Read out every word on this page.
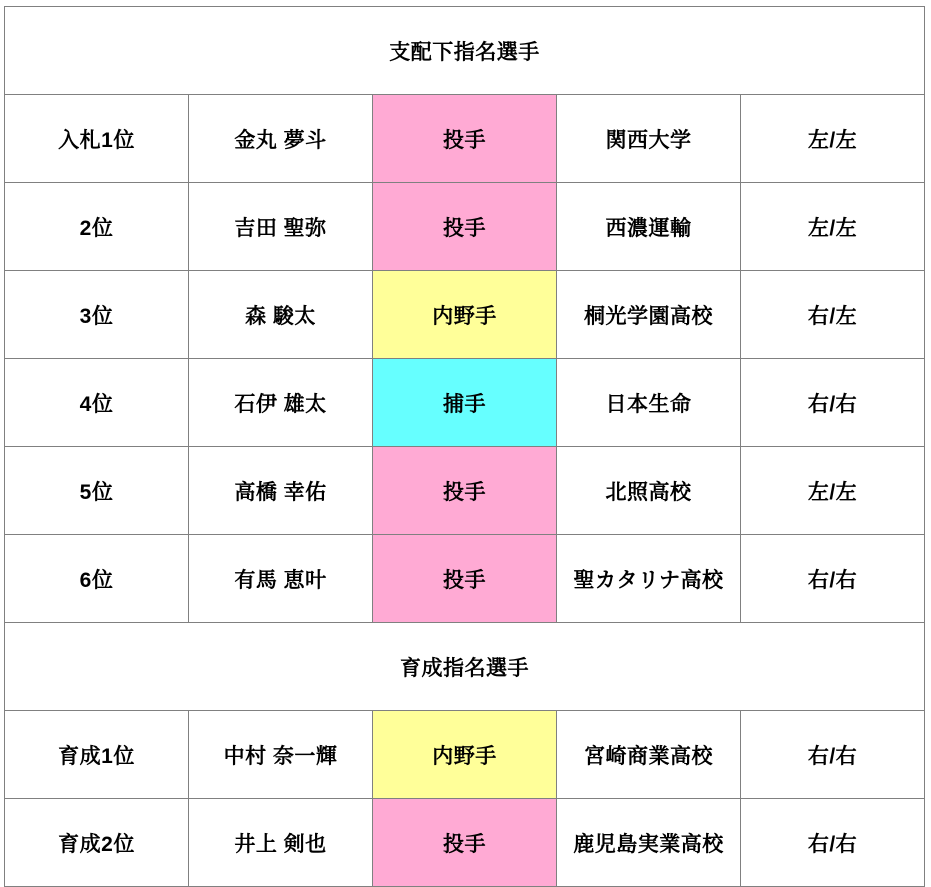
支配下指名選手				
入札1位	金丸 夢斗	投手	関西大学	左/左
2位	吉田 聖弥	投手	西濃運輸	左/左
3位	森 駿太	内野手	桐光学園高校	右/左
4位	石伊 雄太	捕手	日本生命	右/右
5位	高橋 幸佑	投手	北照高校	左/左
6位	有馬 恵叶	投手	聖カタリナ高校	右/右
育成指名選手				
育成1位	中村 奈一輝	内野手	宮崎商業高校	右/右
育成2位	井上 剣也	投手	鹿児島実業高校	右/右
